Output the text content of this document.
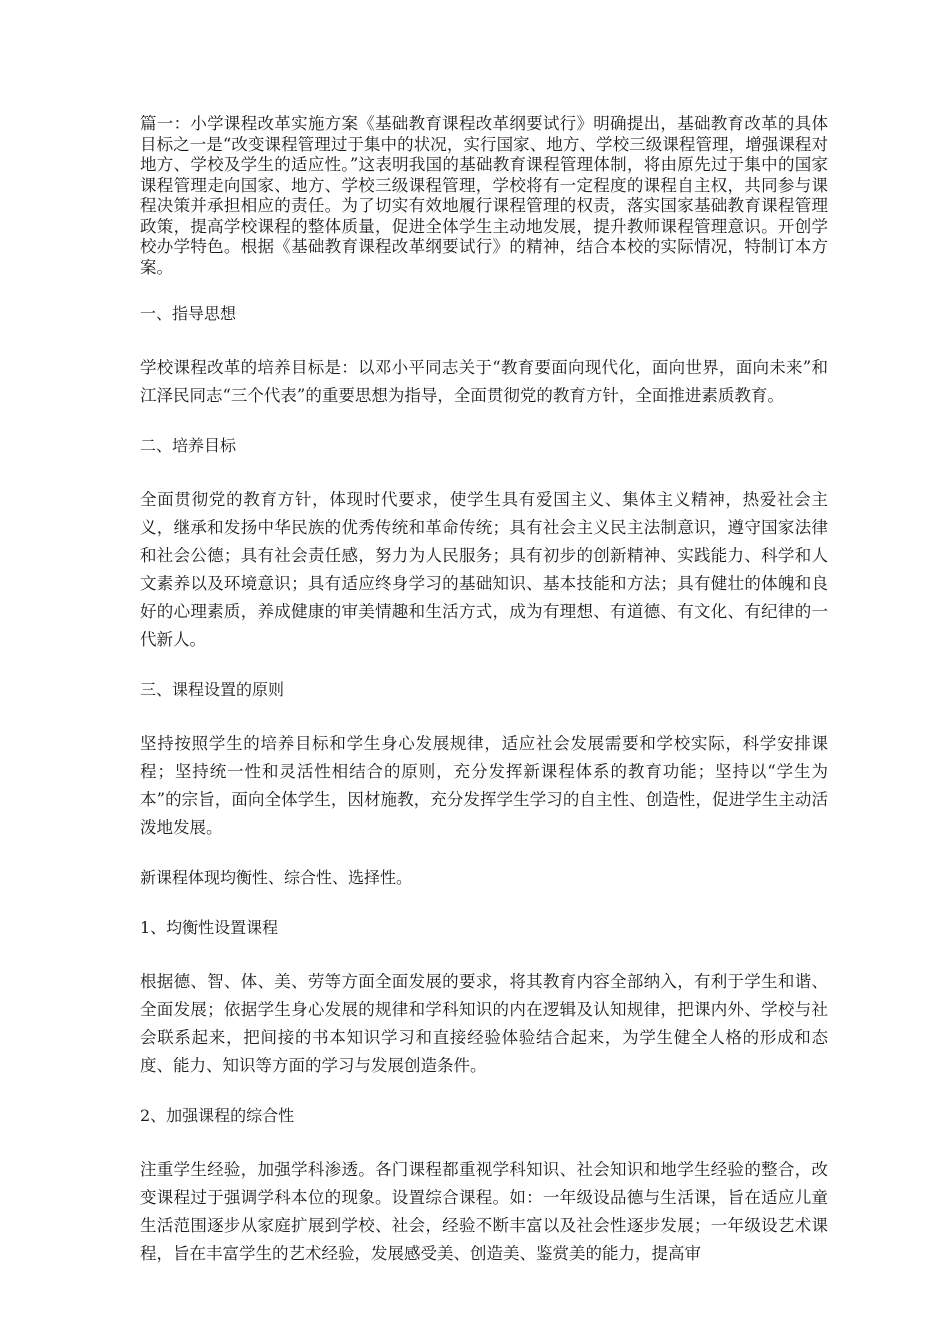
篇一：小学课程改革实施方案《基础教育课程改革纲要试行》明确提出，基础教育改革的具体目标之一是“改变课程管理过于集中的状况，实行国家、地方、学校三级课程管理，增强课程对地方、学校及学生的适应性。”这表明我国的基础教育课程管理体制，将由原先过于集中的国家课程管理走向国家、地方、学校三级课程管理，学校将有一定程度的课程自主权，共同参与课程决策并承担相应的责任。为了切实有效地履行课程管理的权责，落实国家基础教育课程管理政策，提高学校课程的整体质量，促进全体学生主动地发展，提升教师课程管理意识。开创学校办学特色。根据《基础教育课程改革纲要试行》的精神，结合本校的实际情况，特制订本方案。

一、指导思想

学校课程改革的培养目标是：以邓小平同志关于“教育要面向现代化，面向世界，面向未来”和江泽民同志“三个代表”的重要思想为指导，全面贯彻党的教育方针，全面推进素质教育。

二、培养目标

全面贯彻党的教育方针，体现时代要求，使学生具有爱国主义、集体主义精神，热爱社会主义，继承和发扬中华民族的优秀传统和革命传统；具有社会主义民主法制意识，遵守国家法律和社会公德；具有社会责任感，努力为人民服务；具有初步的创新精神、实践能力、科学和人文素养以及环境意识；具有适应终身学习的基础知识、基本技能和方法；具有健壮的体魄和良好的心理素质，养成健康的审美情趣和生活方式，成为有理想、有道德、有文化、有纪律的一代新人。

三、课程设置的原则

坚持按照学生的培养目标和学生身心发展规律，适应社会发展需要和学校实际，科学安排课程；坚持统一性和灵活性相结合的原则，充分发挥新课程体系的教育功能；坚持以“学生为本”的宗旨，面向全体学生，因材施教，充分发挥学生学习的自主性、创造性，促进学生主动活泼地发展。

新课程体现均衡性、综合性、选择性。

1、均衡性设置课程

根据德、智、体、美、劳等方面全面发展的要求，将其教育内容全部纳入，有利于学生和谐、全面发展；依据学生身心发展的规律和学科知识的内在逻辑及认知规律，把课内外、学校与社会联系起来，把间接的书本知识学习和直接经验体验结合起来，为学生健全人格的形成和态度、能力、知识等方面的学习与发展创造条件。

2、加强课程的综合性

注重学生经验，加强学科渗透。各门课程都重视学科知识、社会知识和地学生经验的整合，改变课程过于强调学科本位的现象。设置综合课程。如：一年级设品德与生活课，旨在适应儿童生活范围逐步从家庭扩展到学校、社会，经验不断丰富以及社会性逐步发展；一年级设艺术课程，旨在丰富学生的艺术经验，发展感受美、创造美、鉴赏美的能力，提高审
